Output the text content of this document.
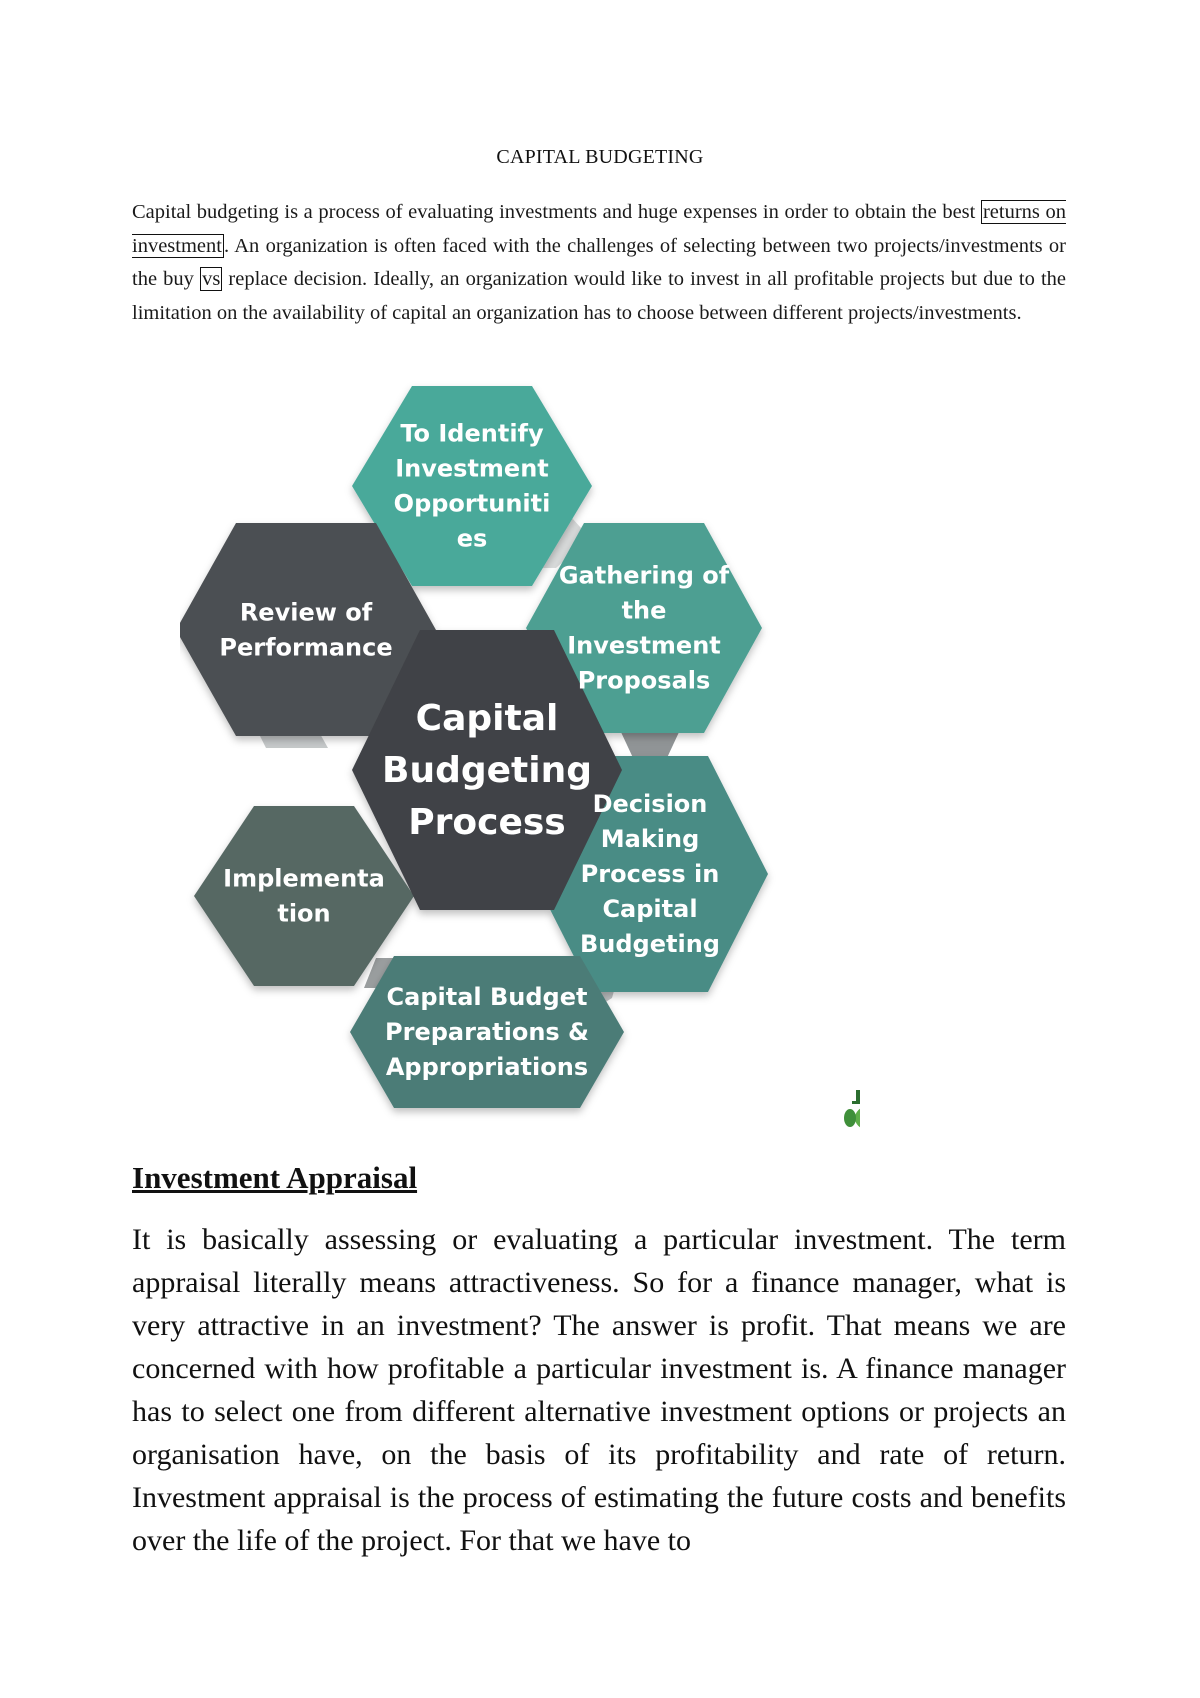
CAPITAL BUDGETING
Capital budgeting is a process of evaluating investments and huge expenses in order to obtain the best returns on investment. An organization is often faced with the challenges of selecting between two projects/investments or the buy vs replace decision. Ideally, an organization would like to invest in all profitable projects but due to the limitation on the availability of capital an organization has to choose between different projects/investments.
To Identify Investment Opportuniti es
Gathering of the Investment Proposals
Decision Making Process in Capital Budgeting
Capital Budget Preparations & Appropriations
Implementa tion
Review of Performance
Capital Budgeting Process
Investment Appraisal
It is basically assessing or evaluating a particular investment. The term appraisal literally means attractiveness. So for a finance manager, what is very attractive in an investment? The answer is profit. That means we are concerned with how profitable a particular investment is. A finance manager has to select one from different alternative investment options or projects an organisation have, on the basis of its profitability and rate of return. Investment appraisal is the process of estimating the future costs and benefits over the life of the project. For that we have to
